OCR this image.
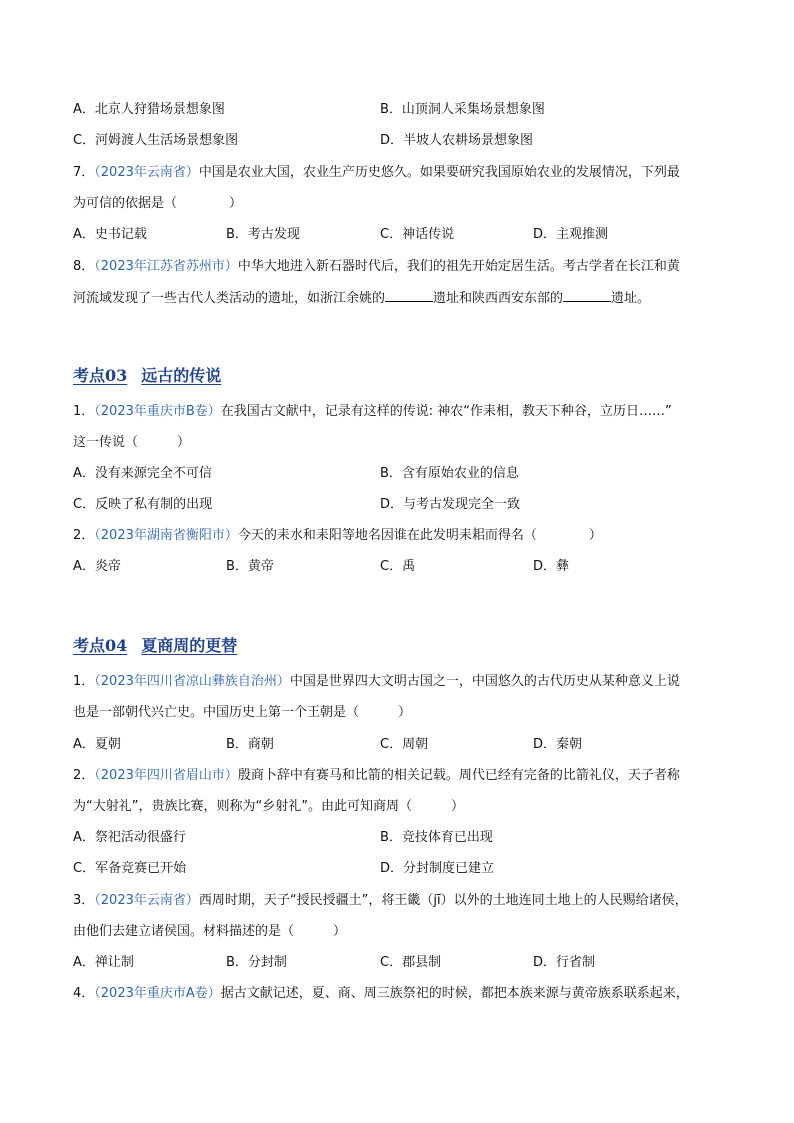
A．北京人狩猎场景想象图	B．山顶洞人采集场景想象图
C．河姆渡人生活场景想象图	D．半坡人农耕场景想象图
7．（2023年云南省）中国是农业大国，农业生产历史悠久。如果要研究我国原始农业的发展情况，下列最
为可信的依据是（　　　　）
A．史书记载	B．考古发现	C．神话传说	D．主观推测
8．（2023年江苏省苏州市）中华大地进入新石器时代后，我们的祖先开始定居生活。考古学者在长江和黄
河流域发现了一些古代人类活动的遗址，如浙江余姚的	遗址和陕西西安东部的	遗址。
考点03 远古的传说
1．（2023年重庆市B卷）在我国古文献中，记录有这样的传说: 神农“作耒相，教天下种谷，立历日……”
这一传说（　　　）
A．没有来源完全不可信	B．含有原始农业的信息
C．反映了私有制的出现	D．与考古发现完全一致
2．（2023年湖南省衡阳市）今天的耒水和耒阳等地名因谁在此发明耒耜而得名（　　　　）
A．炎帝	B．黄帝	C．禹	D．彝
考点04 夏商周的更替
1．（2023年四川省凉山彝族自治州）中国是世界四大文明古国之一，中国悠久的古代历史从某种意义上说
也是一部朝代兴亡史。中国历史上第一个王朝是（　　　）
A．夏朝	B．商朝	C．周朝	D．秦朝
2．（2023年四川省眉山市）殷商卜辞中有赛马和比箭的相关记载。周代已经有完备的比箭礼仪，天子者称
为“大射礼”，贵族比赛，则称为“乡射礼”。由此可知商周（　　　）
A．祭祀活动很盛行	B．竞技体育已出现
C．军备竞赛已开始	D．分封制度已建立
3．（2023年云南省）西周时期，天子“授民授疆土”，将王畿（jī）以外的土地连同土地上的人民赐给诸侯，
由他们去建立诸侯国。材料描述的是（　　　）
A．禅让制	B．分封制	C．郡县制	D．行省制
4．（2023年重庆市A卷）据古文献记述，夏、商、周三族祭祀的时候，都把本族来源与黄帝族系联系起来，
